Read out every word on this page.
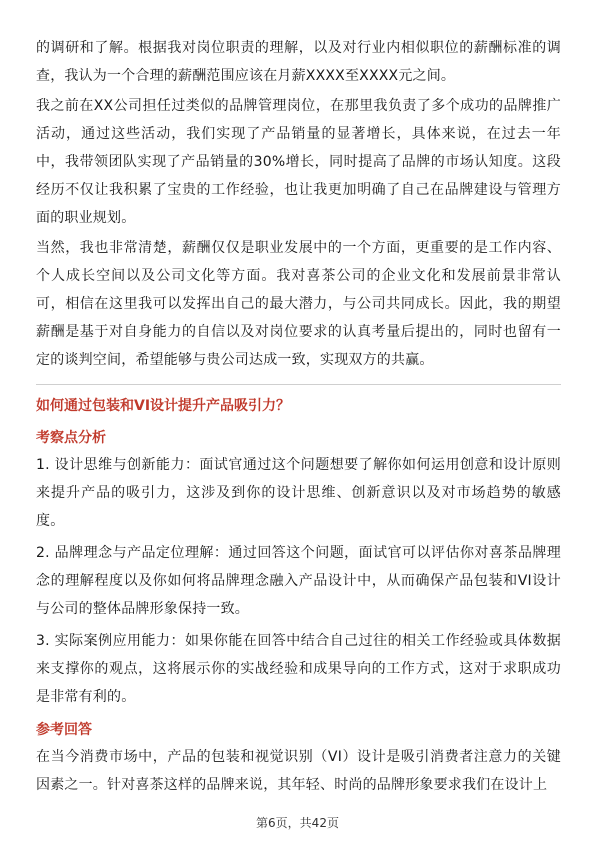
的调研和了解。根据我对岗位职责的理解，以及对行业内相似职位的薪酬标准的调查，我认为一个合理的薪酬范围应该在月薪XXXX至XXXX元之间。

我之前在XX公司担任过类似的品牌管理岗位，在那里我负责了多个成功的品牌推广活动，通过这些活动，我们实现了产品销量的显著增长，具体来说，在过去一年中，我带领团队实现了产品销量的30%增长，同时提高了品牌的市场认知度。这段经历不仅让我积累了宝贵的工作经验，也让我更加明确了自己在品牌建设与管理方面的职业规划。

当然，我也非常清楚，薪酬仅仅是职业发展中的一个方面，更重要的是工作内容、个人成长空间以及公司文化等方面。我对喜茶公司的企业文化和发展前景非常认可，相信在这里我可以发挥出自己的最大潜力，与公司共同成长。因此，我的期望薪酬是基于对自身能力的自信以及对岗位要求的认真考量后提出的，同时也留有一定的谈判空间，希望能够与贵公司达成一致，实现双方的共赢。

如何通过包装和VI设计提升产品吸引力？
考察点分析

1. 设计思维与创新能力：面试官通过这个问题想要了解你如何运用创意和设计原则来提升产品的吸引力，这涉及到你的设计思维、创新意识以及对市场趋势的敏感度。

2. 品牌理念与产品定位理解：通过回答这个问题，面试官可以评估你对喜茶品牌理念的理解程度以及你如何将品牌理念融入产品设计中，从而确保产品包装和VI设计与公司的整体品牌形象保持一致。

3. 实际案例应用能力：如果你能在回答中结合自己过往的相关工作经验或具体数据来支撑你的观点，这将展示你的实战经验和成果导向的工作方式，这对于求职成功是非常有利的。

参考回答

在当今消费市场中，产品的包装和视觉识别（VI）设计是吸引消费者注意力的关键因素之一。针对喜茶这样的品牌来说，其年轻、时尚的品牌形象要求我们在设计上

第6页，共42页
